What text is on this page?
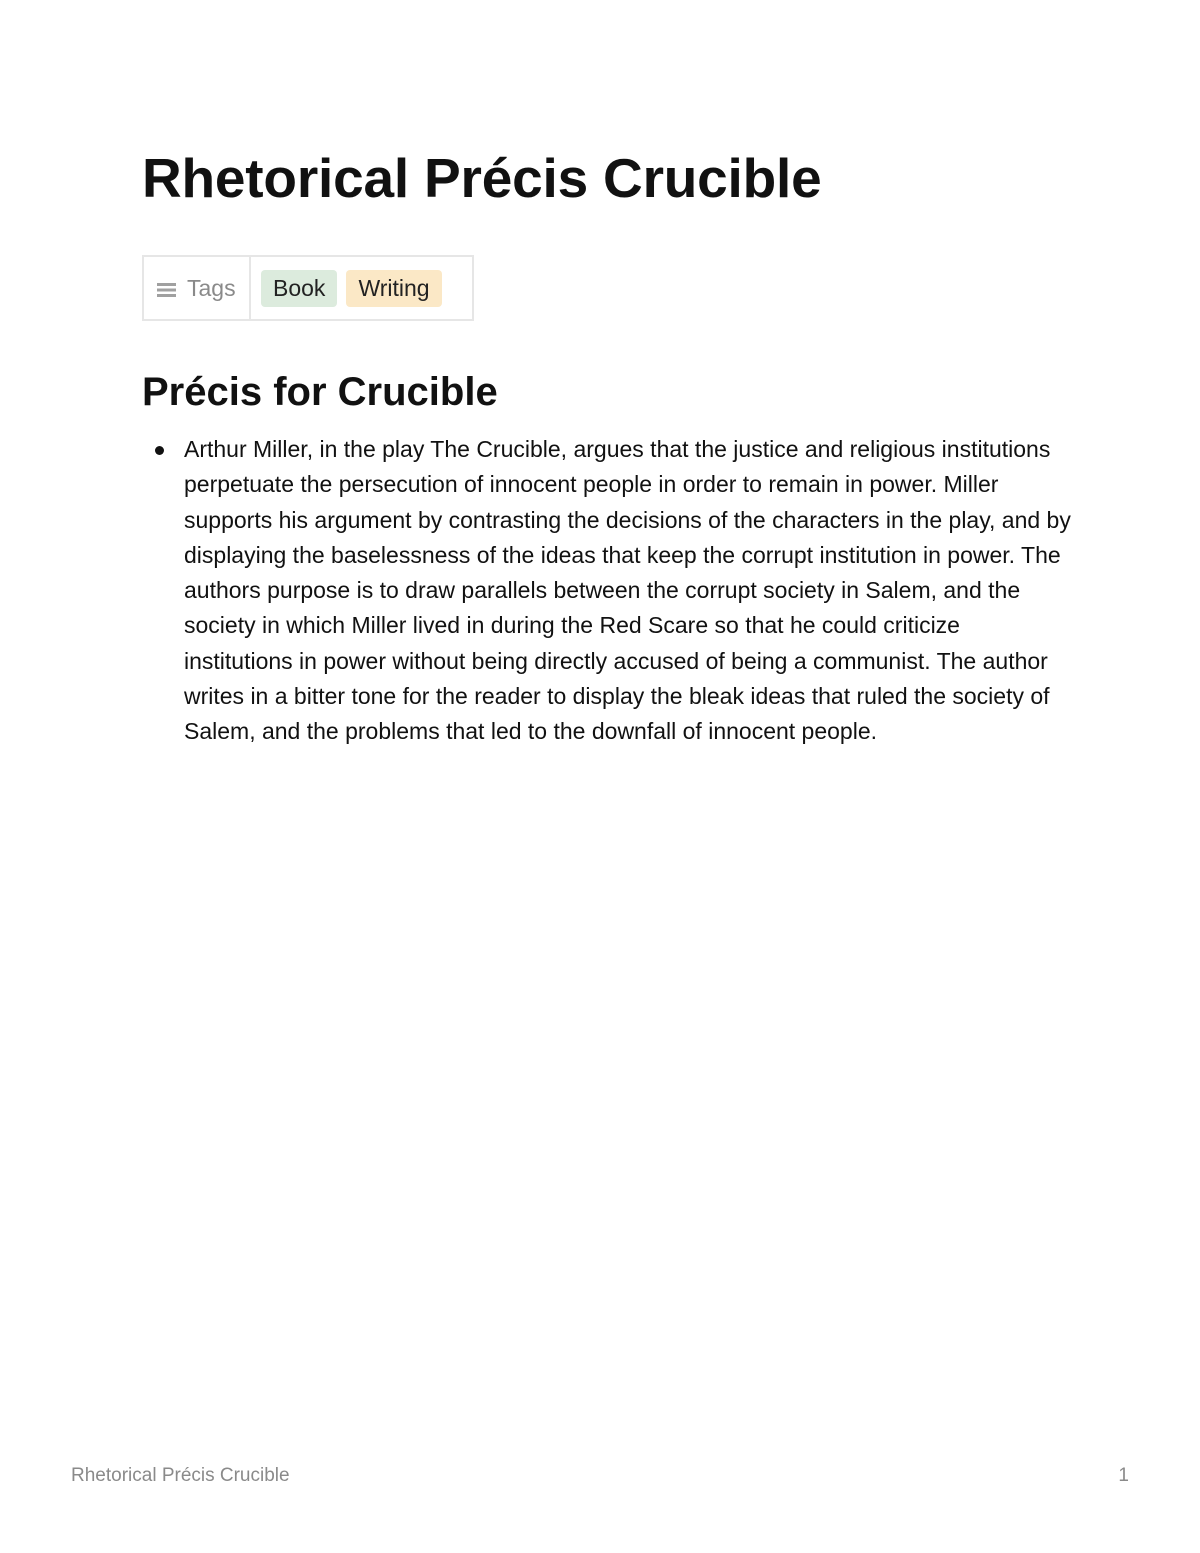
Rhetorical Précis Crucible
Tags	Book	Writing
Précis for Crucible
Arthur Miller, in the play The Crucible, argues that the justice and religious institutions perpetuate the persecution of innocent people in order to remain in power. Miller supports his argument by contrasting the decisions of the characters in the play, and by displaying the baselessness of the ideas that keep the corrupt institution in power. The authors purpose is to draw parallels between the corrupt society in Salem, and the society in which Miller lived in during the Red Scare so that he could criticize institutions in power without being directly accused of being a communist. The author writes in a bitter tone for the reader to display the bleak ideas that ruled the society of Salem, and the problems that led to the downfall of innocent people.
Rhetorical Précis Crucible	1
